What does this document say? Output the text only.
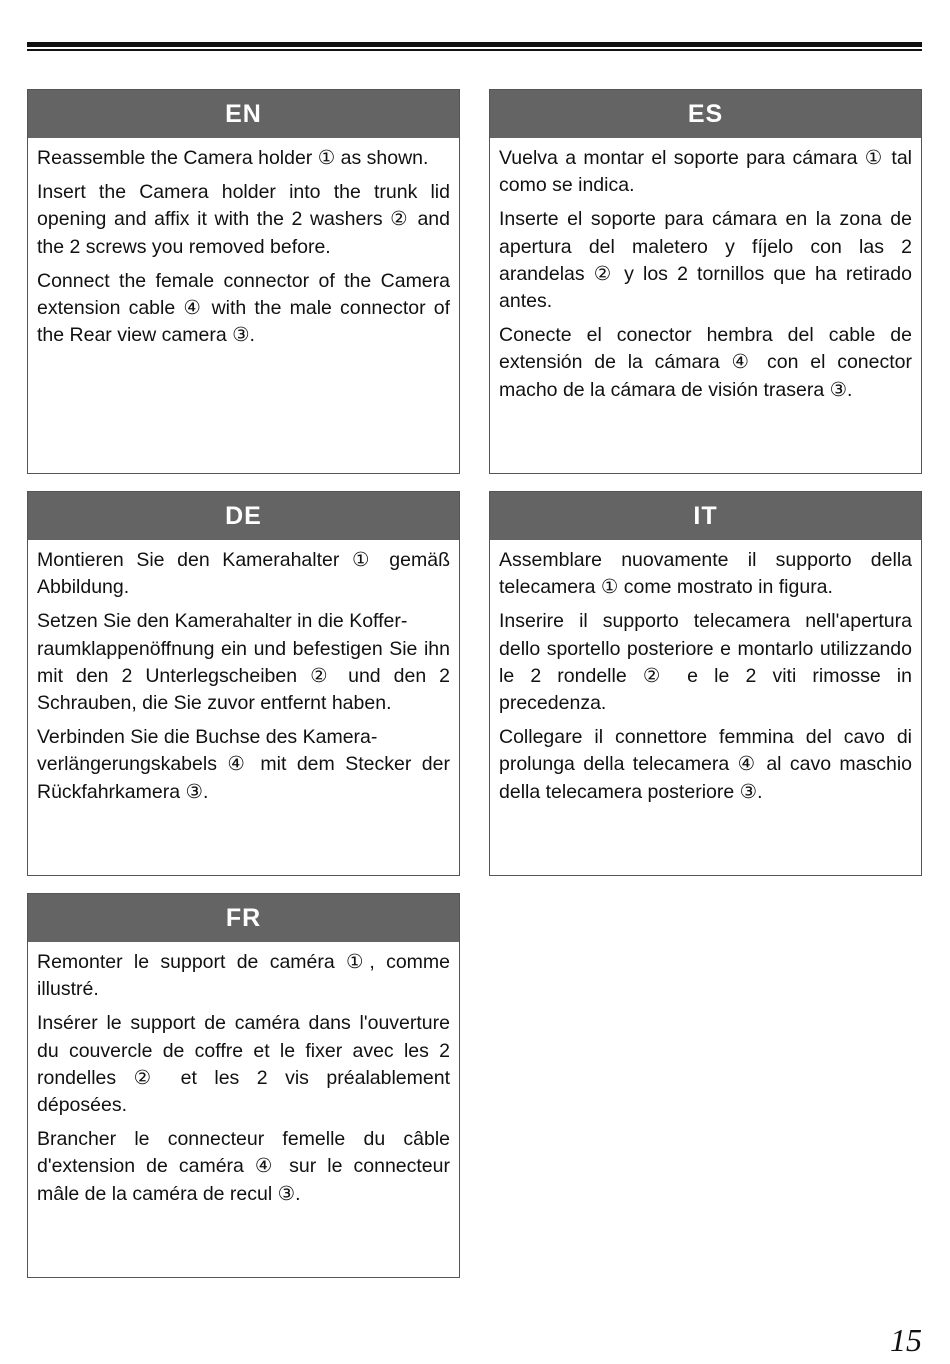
EN

Reassemble the Camera holder ① as shown.

Insert the Camera holder into the trunk lid opening and affix it with the 2 washers ② and the 2 screws you removed before.

Connect the female connector of the Camera extension cable ④ with the male connector of the Rear view camera ③.

ES

Vuelva a montar el soporte para cámara ① tal como se indica.

Inserte el soporte para cámara en la zona de apertura del maletero y fíjelo con las 2 arandelas ② y los 2 tornillos que ha retirado antes.

Conecte el conector hembra del cable de extensión de la cámara ④ con el conector macho de la cámara de visión trasera ③.

DE

Montieren Sie den Kamerahalter ① gemäß Abbildung.

Setzen Sie den Kamerahalter in die Koffer-
raumklappenöffnung ein und befestigen Sie ihn mit den 2 Unterlegscheiben ② und den 2 Schrauben, die Sie zuvor entfernt haben.

Verbinden Sie die Buchse des Kamera-
verlängerungskabels ④ mit dem Stecker der Rückfahrkamera ③.

IT

Assemblare nuovamente il supporto della telecamera ① come mostrato in figura.

Inserire il supporto telecamera nell'apertura dello sportello posteriore e montarlo utilizzando le 2 rondelle ② e le 2 viti rimosse in precedenza.

Collegare il connettore femmina del cavo di prolunga della telecamera ④ al cavo maschio della telecamera posteriore ③.

FR

Remonter le support de caméra ①, comme illustré.

Insérer le support de caméra dans l'ouverture du couvercle de coffre et le fixer avec les 2 rondelles ② et les 2 vis préalablement déposées.

Brancher le connecteur femelle du câble d'extension de caméra ④ sur le connecteur mâle de la caméra de recul ③.

15
